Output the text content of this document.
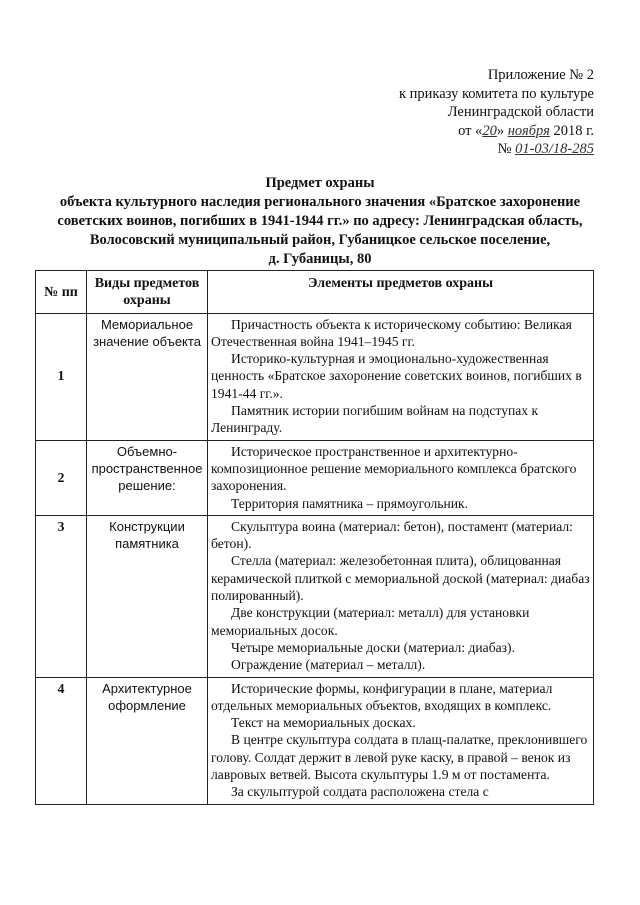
Приложение № 2
к приказу комитета по культуре
Ленинградской области
от «20» ноября 2018 г.
№ 01-03/18-285
Предмет охраны
объекта культурного наследия регионального значения «Братское захоронение
советских воинов, погибших в 1941-1944 гг.» по адресу: Ленинградская область,
Волосовский муниципальный район, Губаницкое сельское поселение,
д. Губаницы, 80
№ пп	Виды предметов охраны	Элементы предметов охраны
1	Мемориальное значение объекта	Причастность объекта к историческому событию: Великая Отечественная война 1941–1945 гг.

Историко-культурная и эмоционально-художественная ценность «Братское захоронение советских воинов, погибших в 1941-44 гг.».

Памятник истории погибшим войнам на подступах к Ленинграду.

2	Объемно-пространственное решение:	Историческое пространственное и архитектурно-композиционное решение мемориального комплекса братского захоронения.

Территория памятника – прямоугольник.

3	Конструкции памятника	Скульптура воина (материал: бетон), постамент (материал: бетон).

Стелла (материал: железобетонная плита), облицованная керамической плиткой с мемориальной доской (материал: диабаз полированный).

Две конструкции (материал: металл) для установки мемориальных досок.

Четыре мемориальные доски (материал: диабаз).

Ограждение (материал – металл).

4	Архитектурное оформление	Исторические формы, конфигурации в плане, материал отдельных мемориальных объектов, входящих в комплекс.

Текст на мемориальных досках.

В центре скульптура солдата в плащ-палатке, преклонившего голову. Солдат держит в левой руке каску, в правой – венок из лавровых ветвей. Высота скульптуры 1.9 м от постамента.

За скульптурой солдата расположена стела с
